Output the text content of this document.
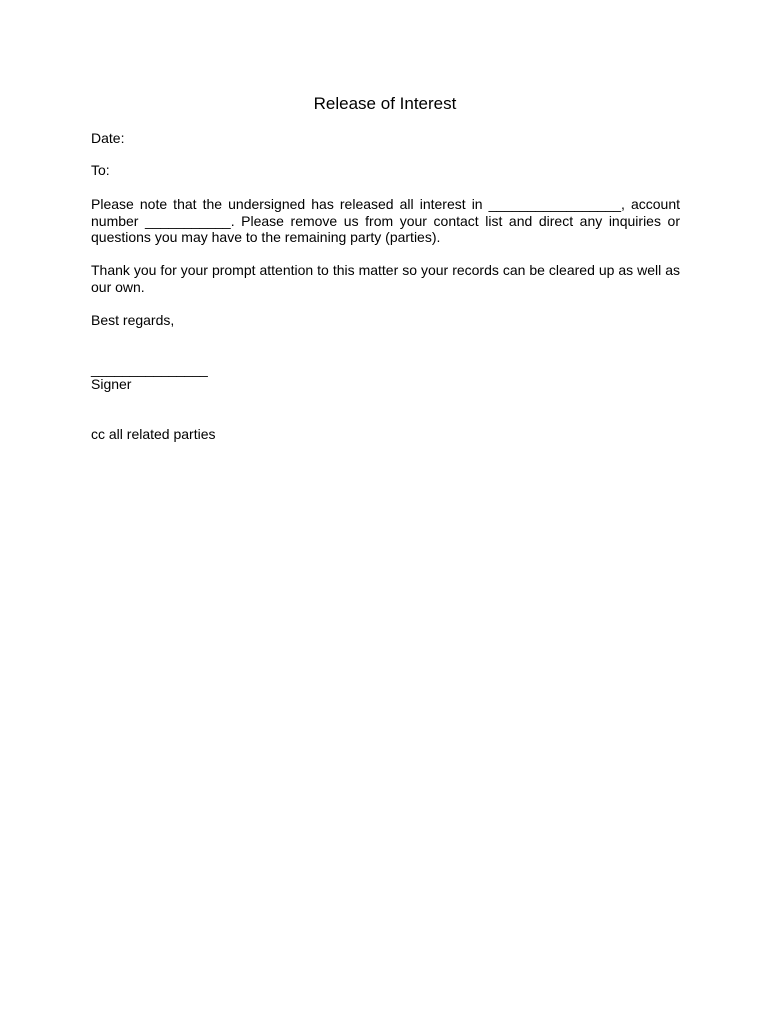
Release of Interest
Date:
To:
Please note that the undersigned has released all interest in _________________, account number ___________. Please remove us from your contact list and direct any inquiries or questions you may have to the remaining party (parties).
Thank you for your prompt attention to this matter so your records can be cleared up as well as our own.
Best regards,
_______________
Signer
cc all related parties
